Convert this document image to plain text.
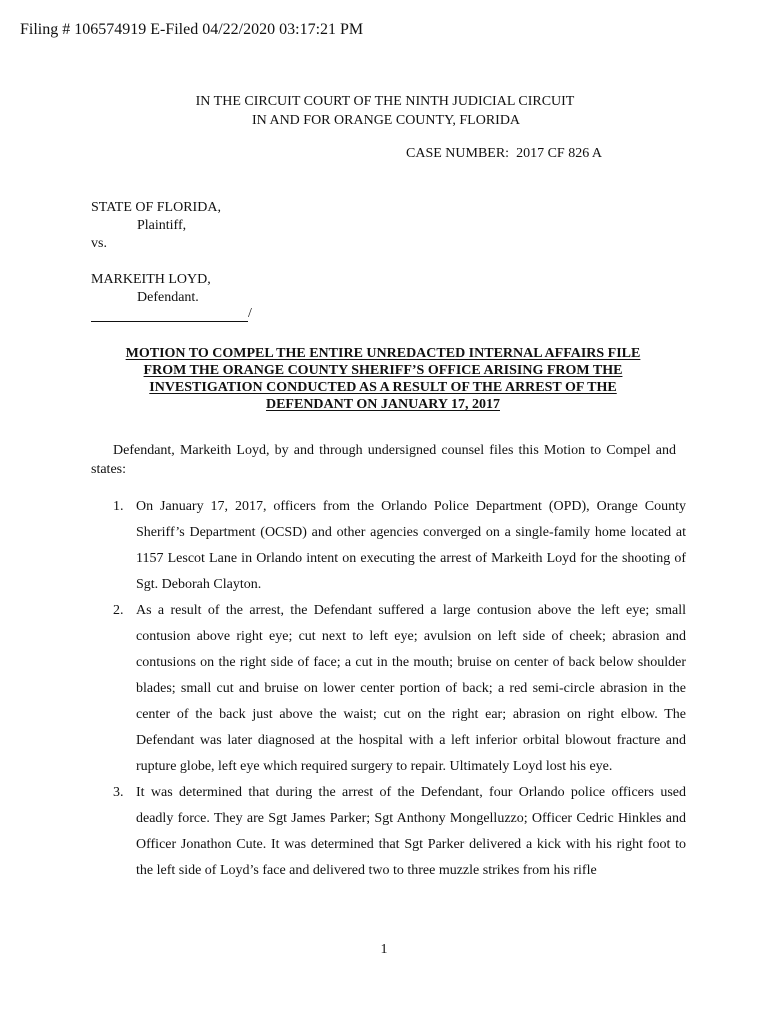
Filing # 106574919 E-Filed 04/22/2020 03:17:21 PM
IN THE CIRCUIT COURT OF THE NINTH JUDICIAL CIRCUIT
IN AND FOR ORANGE COUNTY, FLORIDA
CASE NUMBER:  2017 CF 826 A
STATE OF FLORIDA,
Plaintiff,
vs.
MARKEITH LOYD,
Defendant.
/
MOTION TO COMPEL THE ENTIRE UNREDACTED INTERNAL AFFAIRS FILE
FROM THE ORANGE COUNTY SHERIFF’S OFFICE ARISING FROM THE
INVESTIGATION CONDUCTED AS A RESULT OF THE ARREST OF THE
DEFENDANT ON JANUARY 17, 2017
Defendant, Markeith Loyd, by and through undersigned counsel files this Motion to Compel and states:
1. On January 17, 2017, officers from the Orlando Police Department (OPD), Orange County Sheriff’s Department (OCSD) and other agencies converged on a single-family home located at 1157 Lescot Lane in Orlando intent on executing the arrest of Markeith Loyd for the shooting of Sgt. Deborah Clayton.
2. As a result of the arrest, the Defendant suffered a large contusion above the left eye; small contusion above right eye; cut next to left eye; avulsion on left side of cheek; abrasion and contusions on the right side of face; a cut in the mouth; bruise on center of back below shoulder blades; small cut and bruise on lower center portion of back; a red semi-circle abrasion in the center of the back just above the waist; cut on the right ear; abrasion on right elbow. The Defendant was later diagnosed at the hospital with a left inferior orbital blowout fracture and rupture globe, left eye which required surgery to repair. Ultimately Loyd lost his eye.
3. It was determined that during the arrest of the Defendant, four Orlando police officers used deadly force. They are Sgt James Parker; Sgt Anthony Mongelluzzo; Officer Cedric Hinkles and Officer Jonathon Cute. It was determined that Sgt Parker delivered a kick with his right foot to the left side of Loyd’s face and delivered two to three muzzle strikes from his rifle
1
